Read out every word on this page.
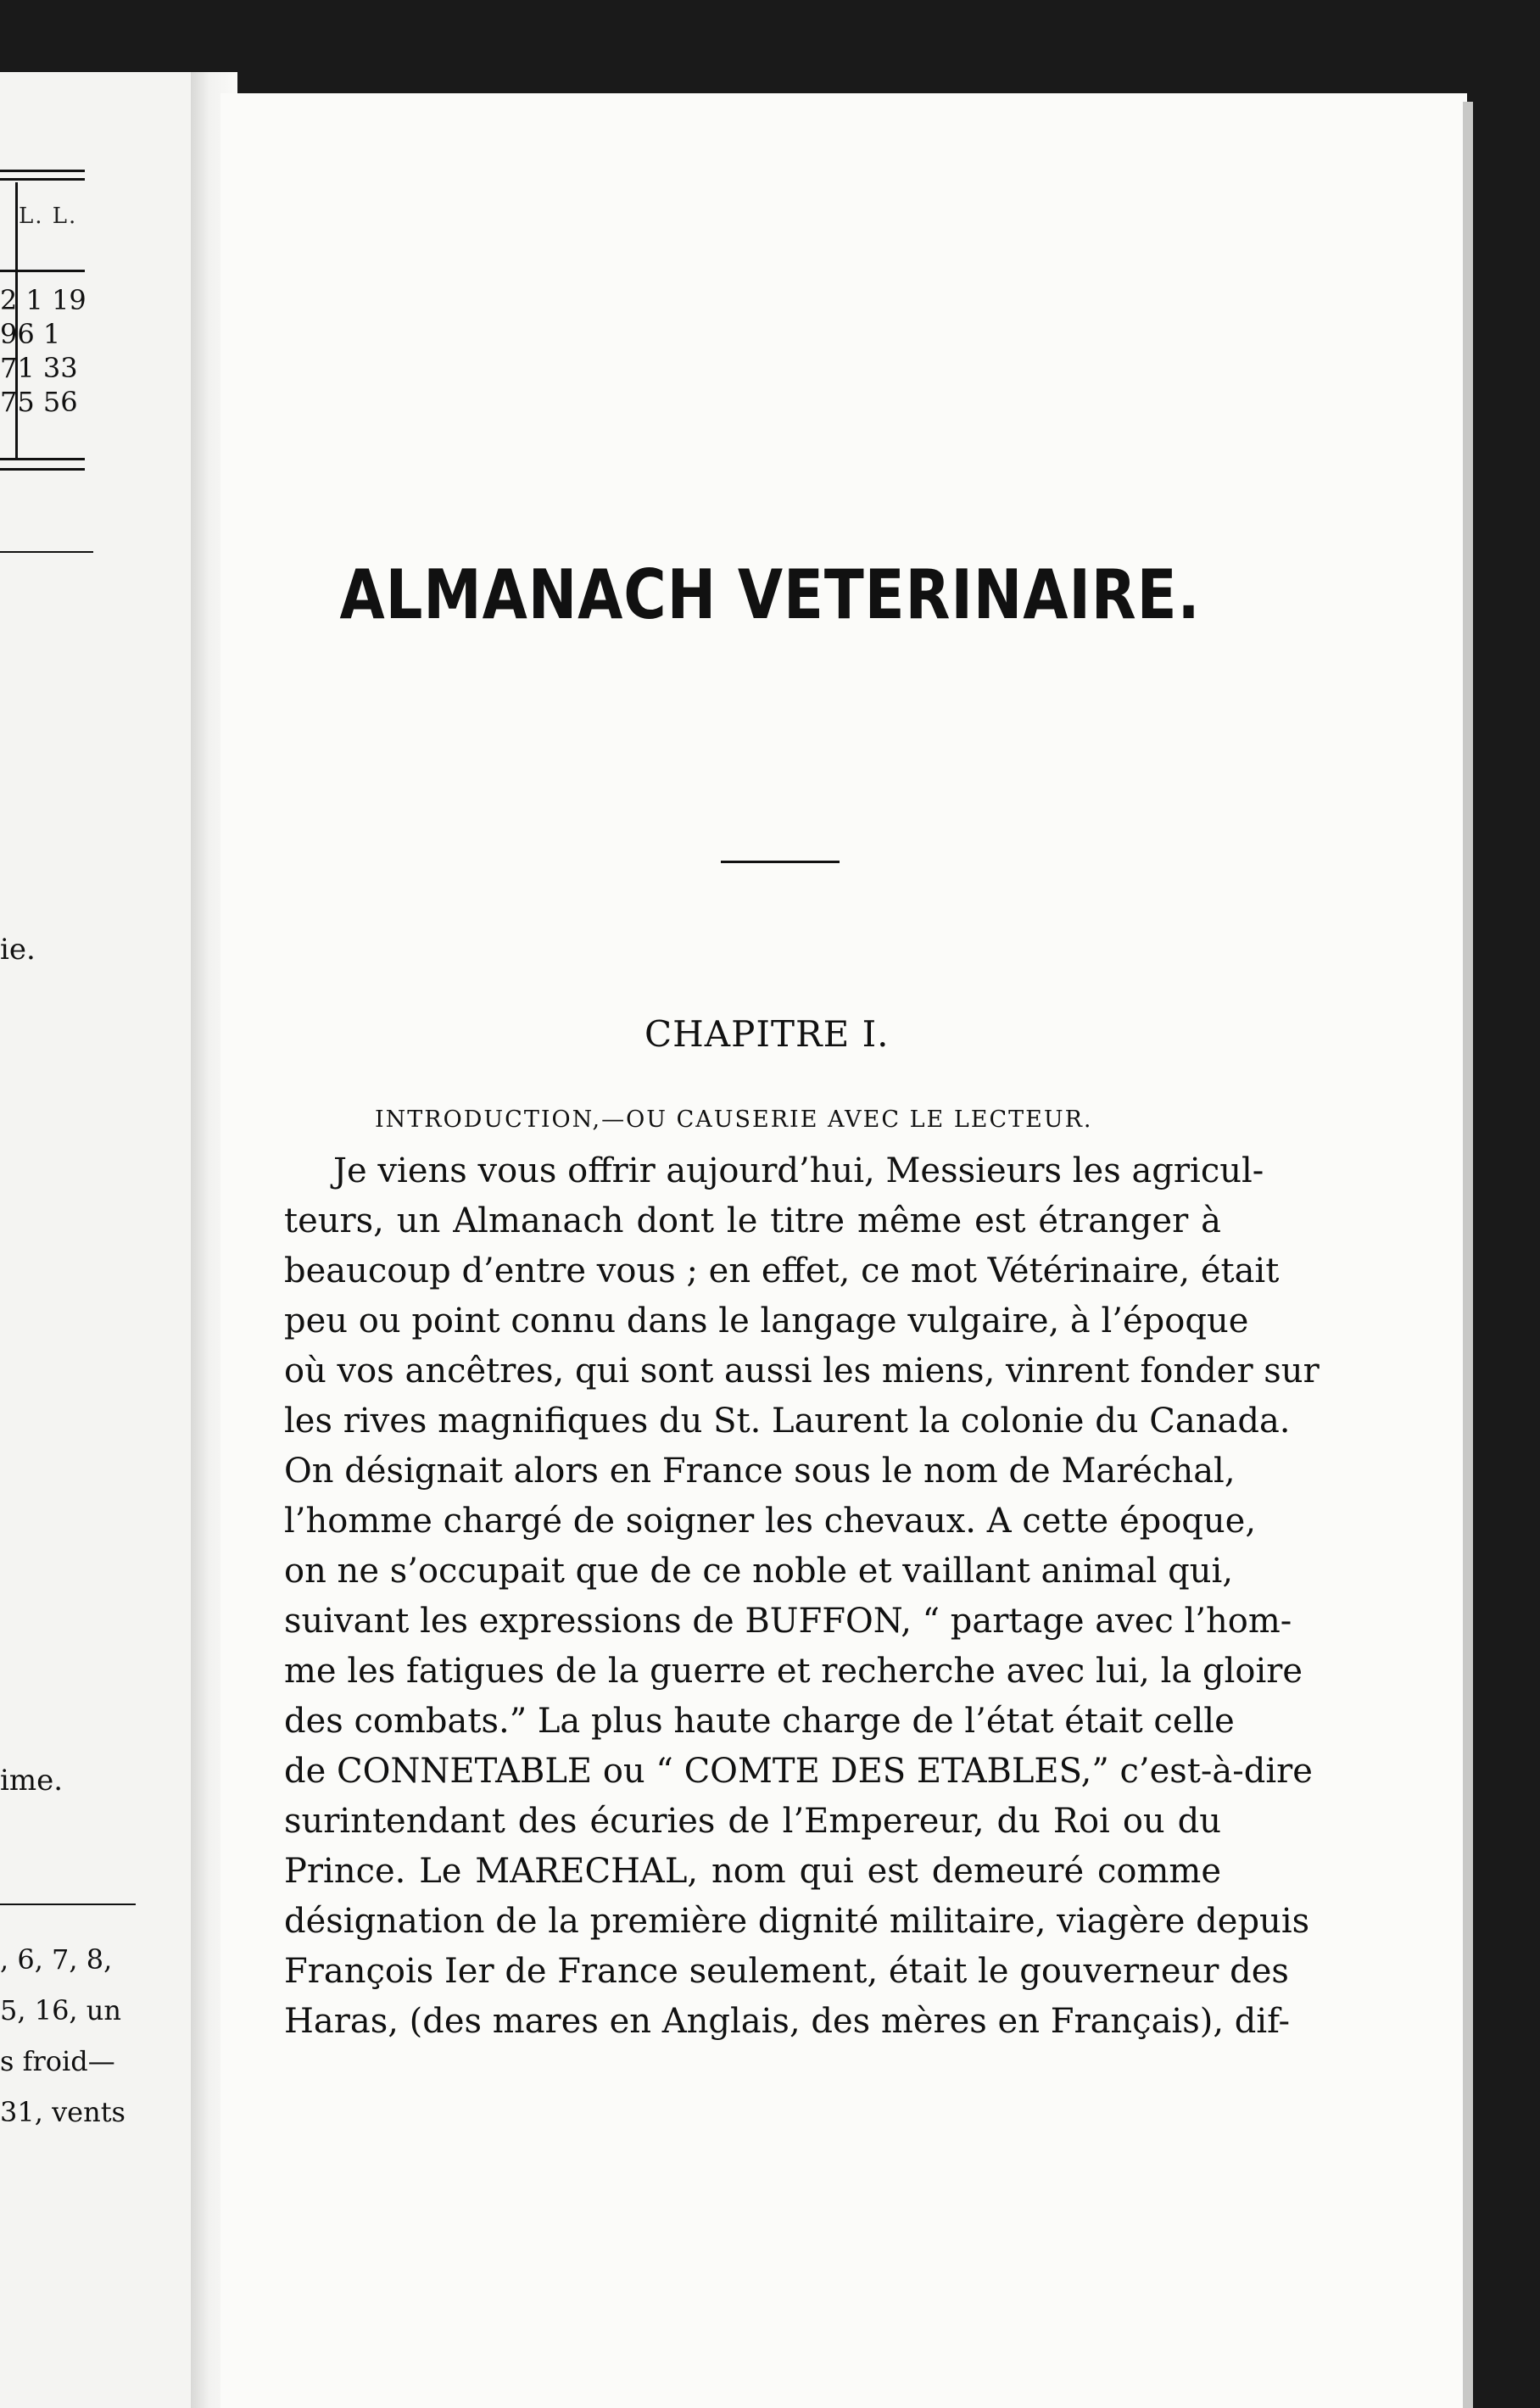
L. L.
2 1 19
96 1
71 33
75 56
ie.
ime.
, 6, 7, 8,
5, 16, un
s froid—
31, vents
ALMANACH VETERINAIRE.
CHAPITRE I.
INTRODUCTION,—OU CAUSERIE AVEC LE LECTEUR.
Je viens vous offrir aujourd’hui, Messieurs les agricul-
teurs, un Almanach dont le titre même est étranger à
beaucoup d’entre vous ; en effet, ce mot Vétérinaire, était
peu ou point connu dans le langage vulgaire, à l’époque
où vos ancêtres, qui sont aussi les miens, vinrent fonder sur
les rives magnifiques du St. Laurent la colonie du Canada.
On désignait alors en France sous le nom de Maréchal,
l’homme chargé de soigner les chevaux. A cette époque,
on ne s’occupait que de ce noble et vaillant animal qui,
suivant les expressions de BUFFON, “ partage avec l’hom-
me les fatigues de la guerre et recherche avec lui, la gloire
des combats.” La plus haute charge de l’état était celle
de CONNETABLE ou “ COMTE DES ETABLES,” c’est-à-dire
surintendant des écuries de l’Empereur, du Roi ou du
Prince. Le MARECHAL, nom qui est demeuré comme
désignation de la première dignité militaire, viagère depuis
François Ier de France seulement, était le gouverneur des
Haras, (des mares en Anglais, des mères en Français), dif-
